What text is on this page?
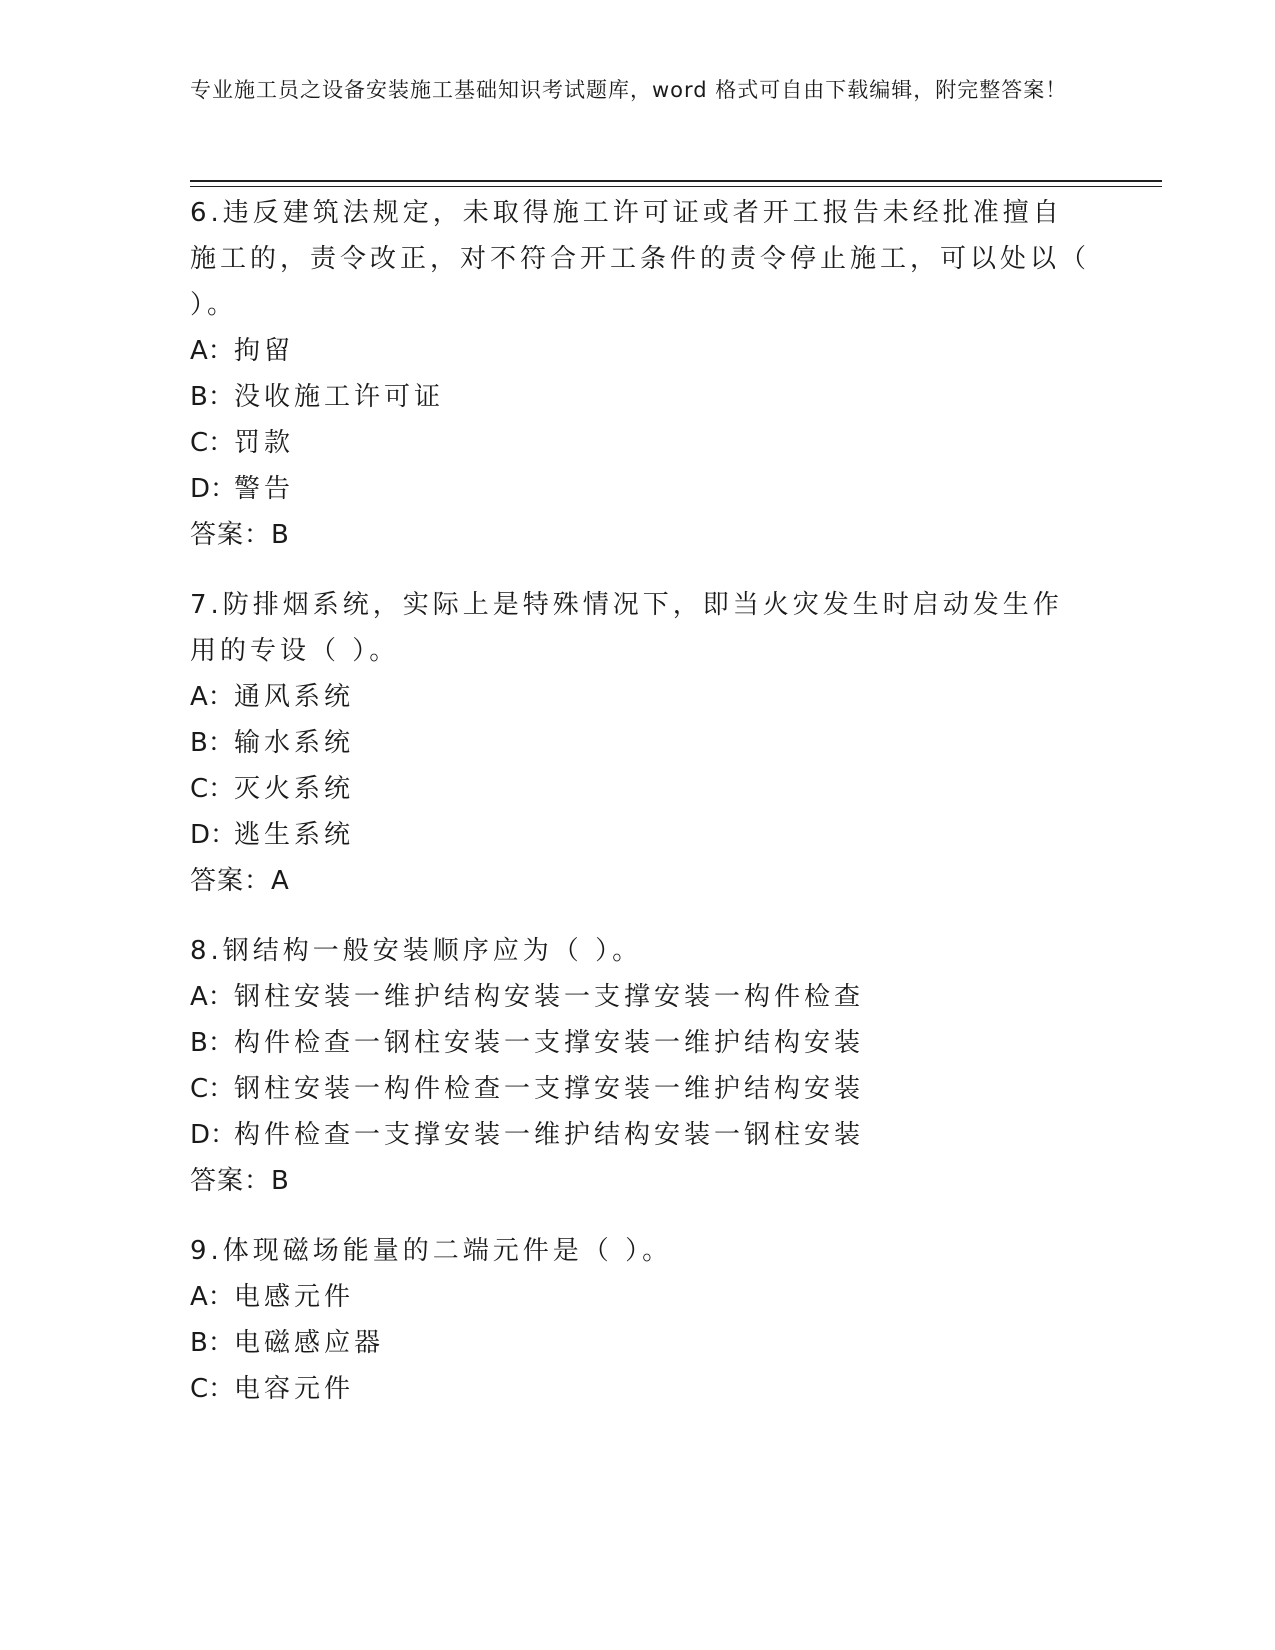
专业施工员之设备安装施工基础知识考试题库，word 格式可自由下载编辑，附完整答案！
6.违反建筑法规定，未取得施工许可证或者开工报告未经批准擅自施工的，责令改正，对不符合开工条件的责令停止施工，可以处以（ ）。
A：拘留
B：没收施工许可证
C：罚款
D：警告
答案：B
7.防排烟系统，实际上是特殊情况下，即当火灾发生时启动发生作用的专设（ ）。
A：通风系统
B：输水系统
C：灭火系统
D：逃生系统
答案：A
8.钢结构一般安装顺序应为（ ）。
A：钢柱安装一维护结构安装一支撑安装一构件检查
B：构件检查一钢柱安装一支撑安装一维护结构安装
C：钢柱安装一构件检查一支撑安装一维护结构安装
D：构件检查一支撑安装一维护结构安装一钢柱安装
答案：B
9.体现磁场能量的二端元件是（ ）。
A：电感元件
B：电磁感应器
C：电容元件
